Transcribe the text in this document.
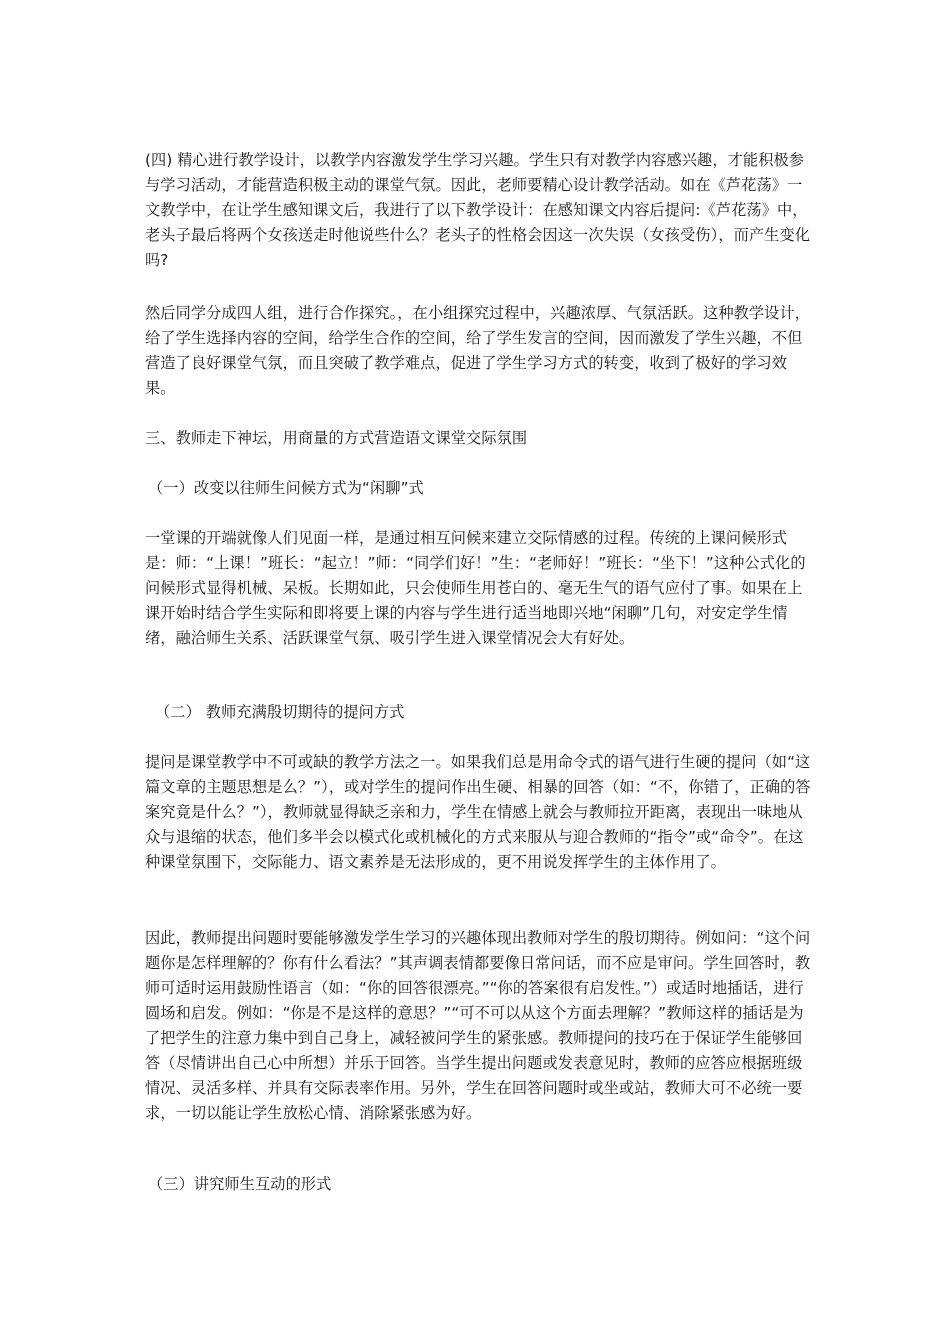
(四) 精心进行教学设计，以教学内容激发学生学习兴趣。学生只有对教学内容感兴趣，才能积极参与学习活动，才能营造积极主动的课堂气氛。因此，老师要精心设计教学活动。如在《芦花荡》一文教学中，在让学生感知课文后，我进行了以下教学设计：在感知课文内容后提问:《芦花荡》中，老头子最后将两个女孩送走时他说些什么？老头子的性格会因这一次失误（女孩受伤），而产生变化吗?

然后同学分成四人组，进行合作探究。，在小组探究过程中，兴趣浓厚、气氛活跃。这种教学设计，给了学生选择内容的空间，给学生合作的空间，给了学生发言的空间，因而激发了学生兴趣，不但营造了良好课堂气氛，而且突破了教学难点，促进了学生学习方式的转变，收到了极好的学习效果。

三、教师走下神坛，用商量的方式营造语文课堂交际氛围

（一）改变以往师生问候方式为“闲聊”式

一堂课的开端就像人们见面一样，是通过相互问候来建立交际情感的过程。传统的上课问候形式是：师：“上课！”班长：“起立！”师：“同学们好！”生：“老师好！”班长：“坐下！”这种公式化的问候形式显得机械、呆板。长期如此，只会使师生用苍白的、毫无生气的语气应付了事。如果在上课开始时结合学生实际和即将要上课的内容与学生进行适当地即兴地“闲聊”几句，对安定学生情绪，融洽师生关系、活跃课堂气氛、吸引学生进入课堂情况会大有好处。

（二） 教师充满殷切期待的提问方式

提问是课堂教学中不可或缺的教学方法之一。如果我们总是用命令式的语气进行生硬的提问（如“这篇文章的主题思想是么？”），或对学生的提问作出生硬、相暴的回答（如：“不，你错了，正确的答案究竟是什么？”），教师就显得缺乏亲和力，学生在情感上就会与教师拉开距离，表现出一味地从众与退缩的状态，他们多半会以模式化或机械化的方式来服从与迎合教师的“指令”或“命令”。在这种课堂氛围下，交际能力、语文素养是无法形成的，更不用说发挥学生的主体作用了。

因此，教师提出问题时要能够激发学生学习的兴趣体现出教师对学生的殷切期待。例如问：“这个问题你是怎样理解的？你有什么看法？”其声调表情都要像日常问话，而不应是审问。学生回答时，教师可适时运用鼓励性语言（如：“你的回答很漂亮。”“你的答案很有启发性。”）或适时地插话，进行圆场和启发。例如：“你是不是这样的意思？”“可不可以从这个方面去理解？”教师这样的插话是为了把学生的注意力集中到自己身上，减轻被问学生的紧张感。教师提问的技巧在于保证学生能够回答（尽情讲出自己心中所想）并乐于回答。当学生提出问题或发表意见时，教师的应答应根据班级情况、灵活多样、并具有交际表率作用。另外，学生在回答问题时或坐或站，教师大可不必统一要求，一切以能让学生放松心情、消除紧张感为好。

（三）讲究师生互动的形式
